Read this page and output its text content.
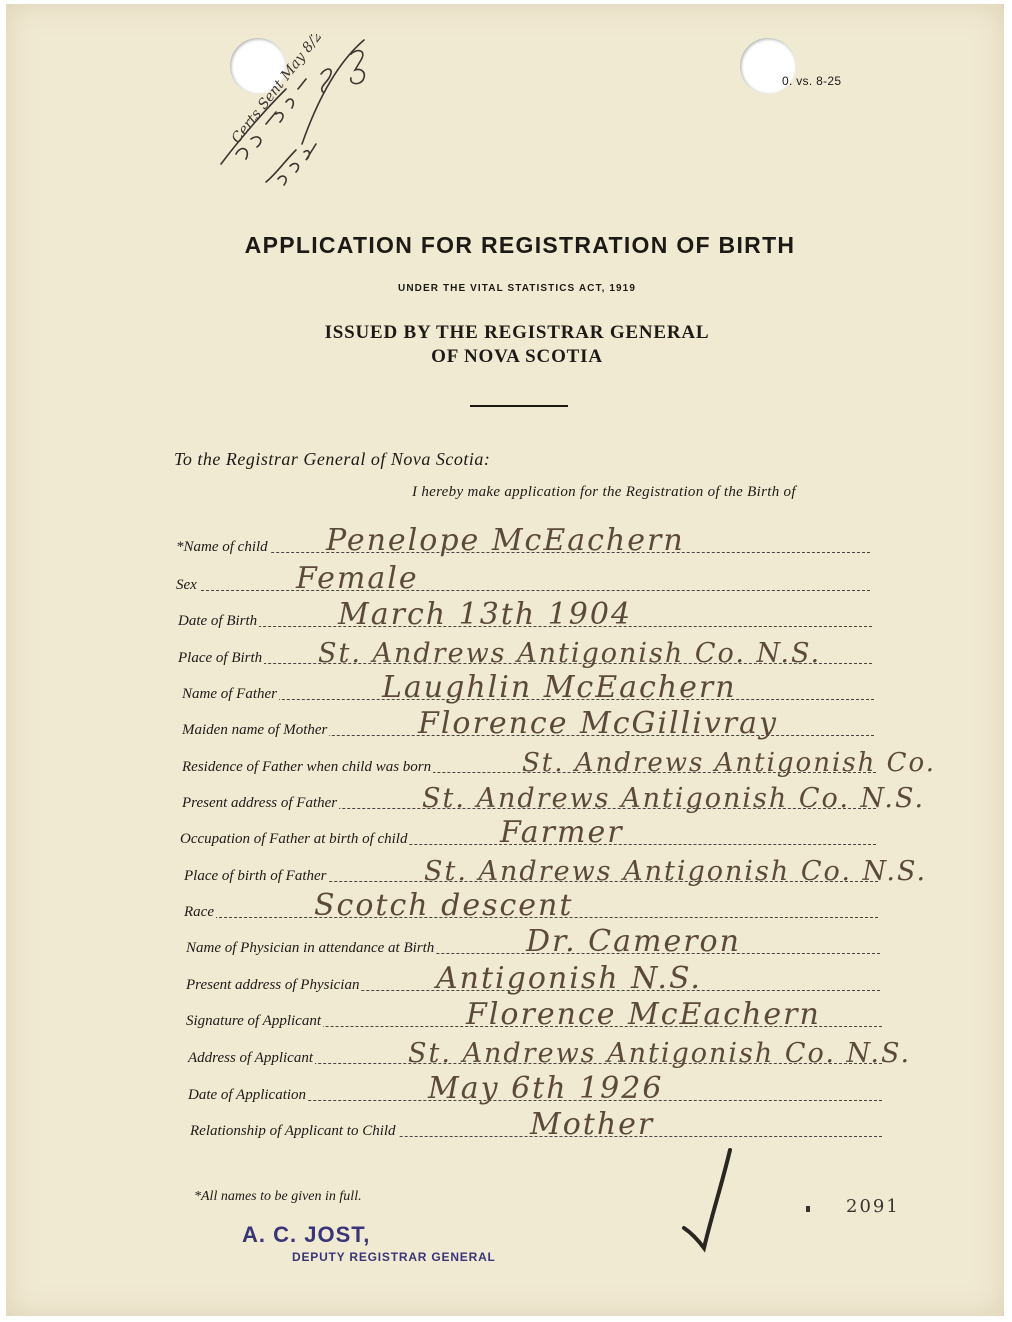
0. vs. 8-25
Certs Sent May 8/26
APPLICATION FOR REGISTRATION OF BIRTH
UNDER THE VITAL STATISTICS ACT, 1919
ISSUED BY THE REGISTRAR GENERAL
OF NOVA SCOTIA
To the Registrar General of Nova Scotia:
I hereby make application for the Registration of the Birth of
*Name of child Penelope McEachern
Sex	Female
Date of Birth	March 13th 1904
Place of Birth St. Andrews Antigonish Co. N.S.
Name of Father	Laughlin McEachern
Maiden name of Mother	Florence McGillivray
Residence of Father when child was born	St. Andrews Antigonish Co.
Present address of Father	St. Andrews Antigonish Co. N.S.
Occupation of Father at birth of child	Farmer
Place of birth of Father	St. Andrews Antigonish Co. N.S.
Race	Scotch descent
Name of Physician in attendance at Birth	Dr. Cameron
Present address of Physician	Antigonish N.S.
Signature of Applicant	Florence McEachern
Address of Applicant	St. Andrews Antigonish Co. N.S.
Date of Application	May 6th 1926
Relationship of Applicant to Child	Mother
*All names to be given in full.	2091
A. C. JOST,
DEPUTY REGISTRAR GENERAL
